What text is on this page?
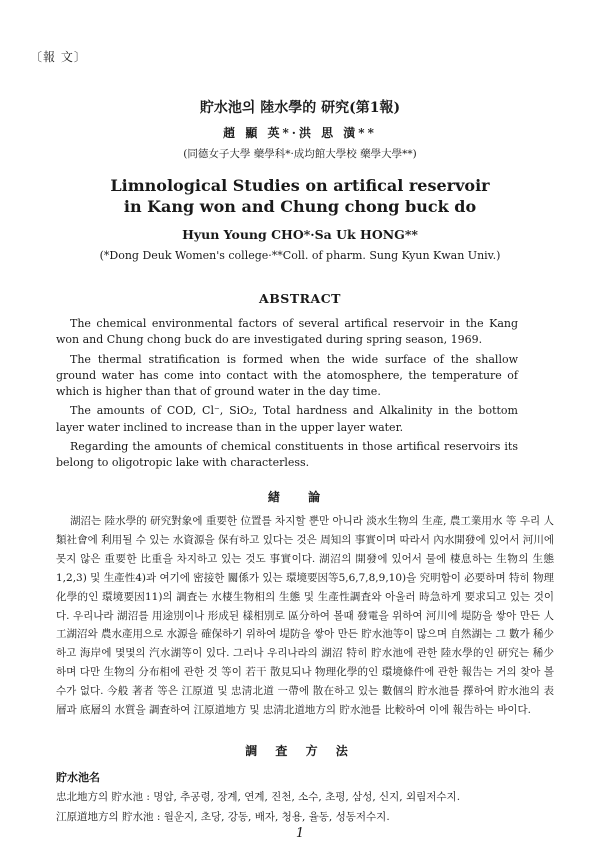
〔報 文〕
貯水池의 陸水學的 研究(第1報)
趙 顯 英*·洪 思 潢**
(同德女子大學 藥學科*·成均館大學校 藥學大學**)
Limnological Studies on artifical reservoir
in Kang won and Chung chong buck do
Hyun Young CHO*·Sa Uk HONG**
(*Dong Deuk Women's college·**Coll. of pharm. Sung Kyun Kwan Univ.)
ABSTRACT

The chemical environmental factors of several artifical reservoir in the Kang won and Chung chong buck do are investigated during spring season, 1969.

The thermal stratification is formed when the wide surface of the shallow ground water has come into contact with the atomosphere, the temperature of which is higher than that of ground water in the day time.

The amounts of COD, Cl⁻, SiO₂, Total hardness and Alkalinity in the bottom layer water inclined to increase than in the upper layer water.

Regarding the amounts of chemical constituents in those artifical reservoirs its belong to oligotropic lake with characterless.

緖 論

湖沼는 陸水學的 研究對象에 重要한 位置를 차지할 뿐만 아니라 淡水生物의 生產, 農工業用水 等 우리 人類社會에 利用될 수 있는 水資源을 保有하고 있다는 것은 周知의 事實이며 따라서 內水開發에 있어서 河川에 못지 않은 重要한 比重을 차지하고 있는 것도 事實이다. 湖沼의 開發에 있어서 물에 棲息하는 生物의 生態1,2,3) 및 生產性4)과 여기에 密接한 關係가 있는 環境要因等5,6,7,8,9,10)을 究明함이 必要하며 特히 物理化學的인 環境要因11)의 調査는 水棲生物相의 生態 및 生產性調査와 아울러 時急하게 要求되고 있는 것이다. 우리나라 湖沼를 用途別이나 形成된 樣相別로 區分하여 볼때 發電을 위하여 河川에 堤防을 쌓아 만든 人工湖沼와 農水產用으로 水源을 確保하기 위하여 堤防을 쌓아 만든 貯水池等이 많으며 自然湖는 그 數가 稀少하고 海岸에 몇몇의 汽水湖等이 있다. 그러나 우리나라의 湖沼 特히 貯水池에 관한 陸水學的인 研究는 稀少하며 다만 生物의 分布相에 관한 것 等이 若干 散見되나 物理化學的인 環境條件에 관한 報告는 거의 찾아 볼 수가 없다. 今般 著者 等은 江原道 및 忠淸北道 一帶에 散在하고 있는 數個의 貯水池를 擇하여 貯水池의 表層과 底層의 水質을 調査하여 江原道地方 및 忠淸北道地方의 貯水池를 比較하여 이에 報告하는 바이다.

調 査 方 法
貯水池名
忠北地方의 貯水池 : 명암, 추공령, 장계, 연계, 진천, 소수, 초평, 삼성, 신지, 외림저수지.
江原道地方의 貯水池 : 월운지, 초당, 강동, 배자, 청용, 율동, 성동저수지.
1
